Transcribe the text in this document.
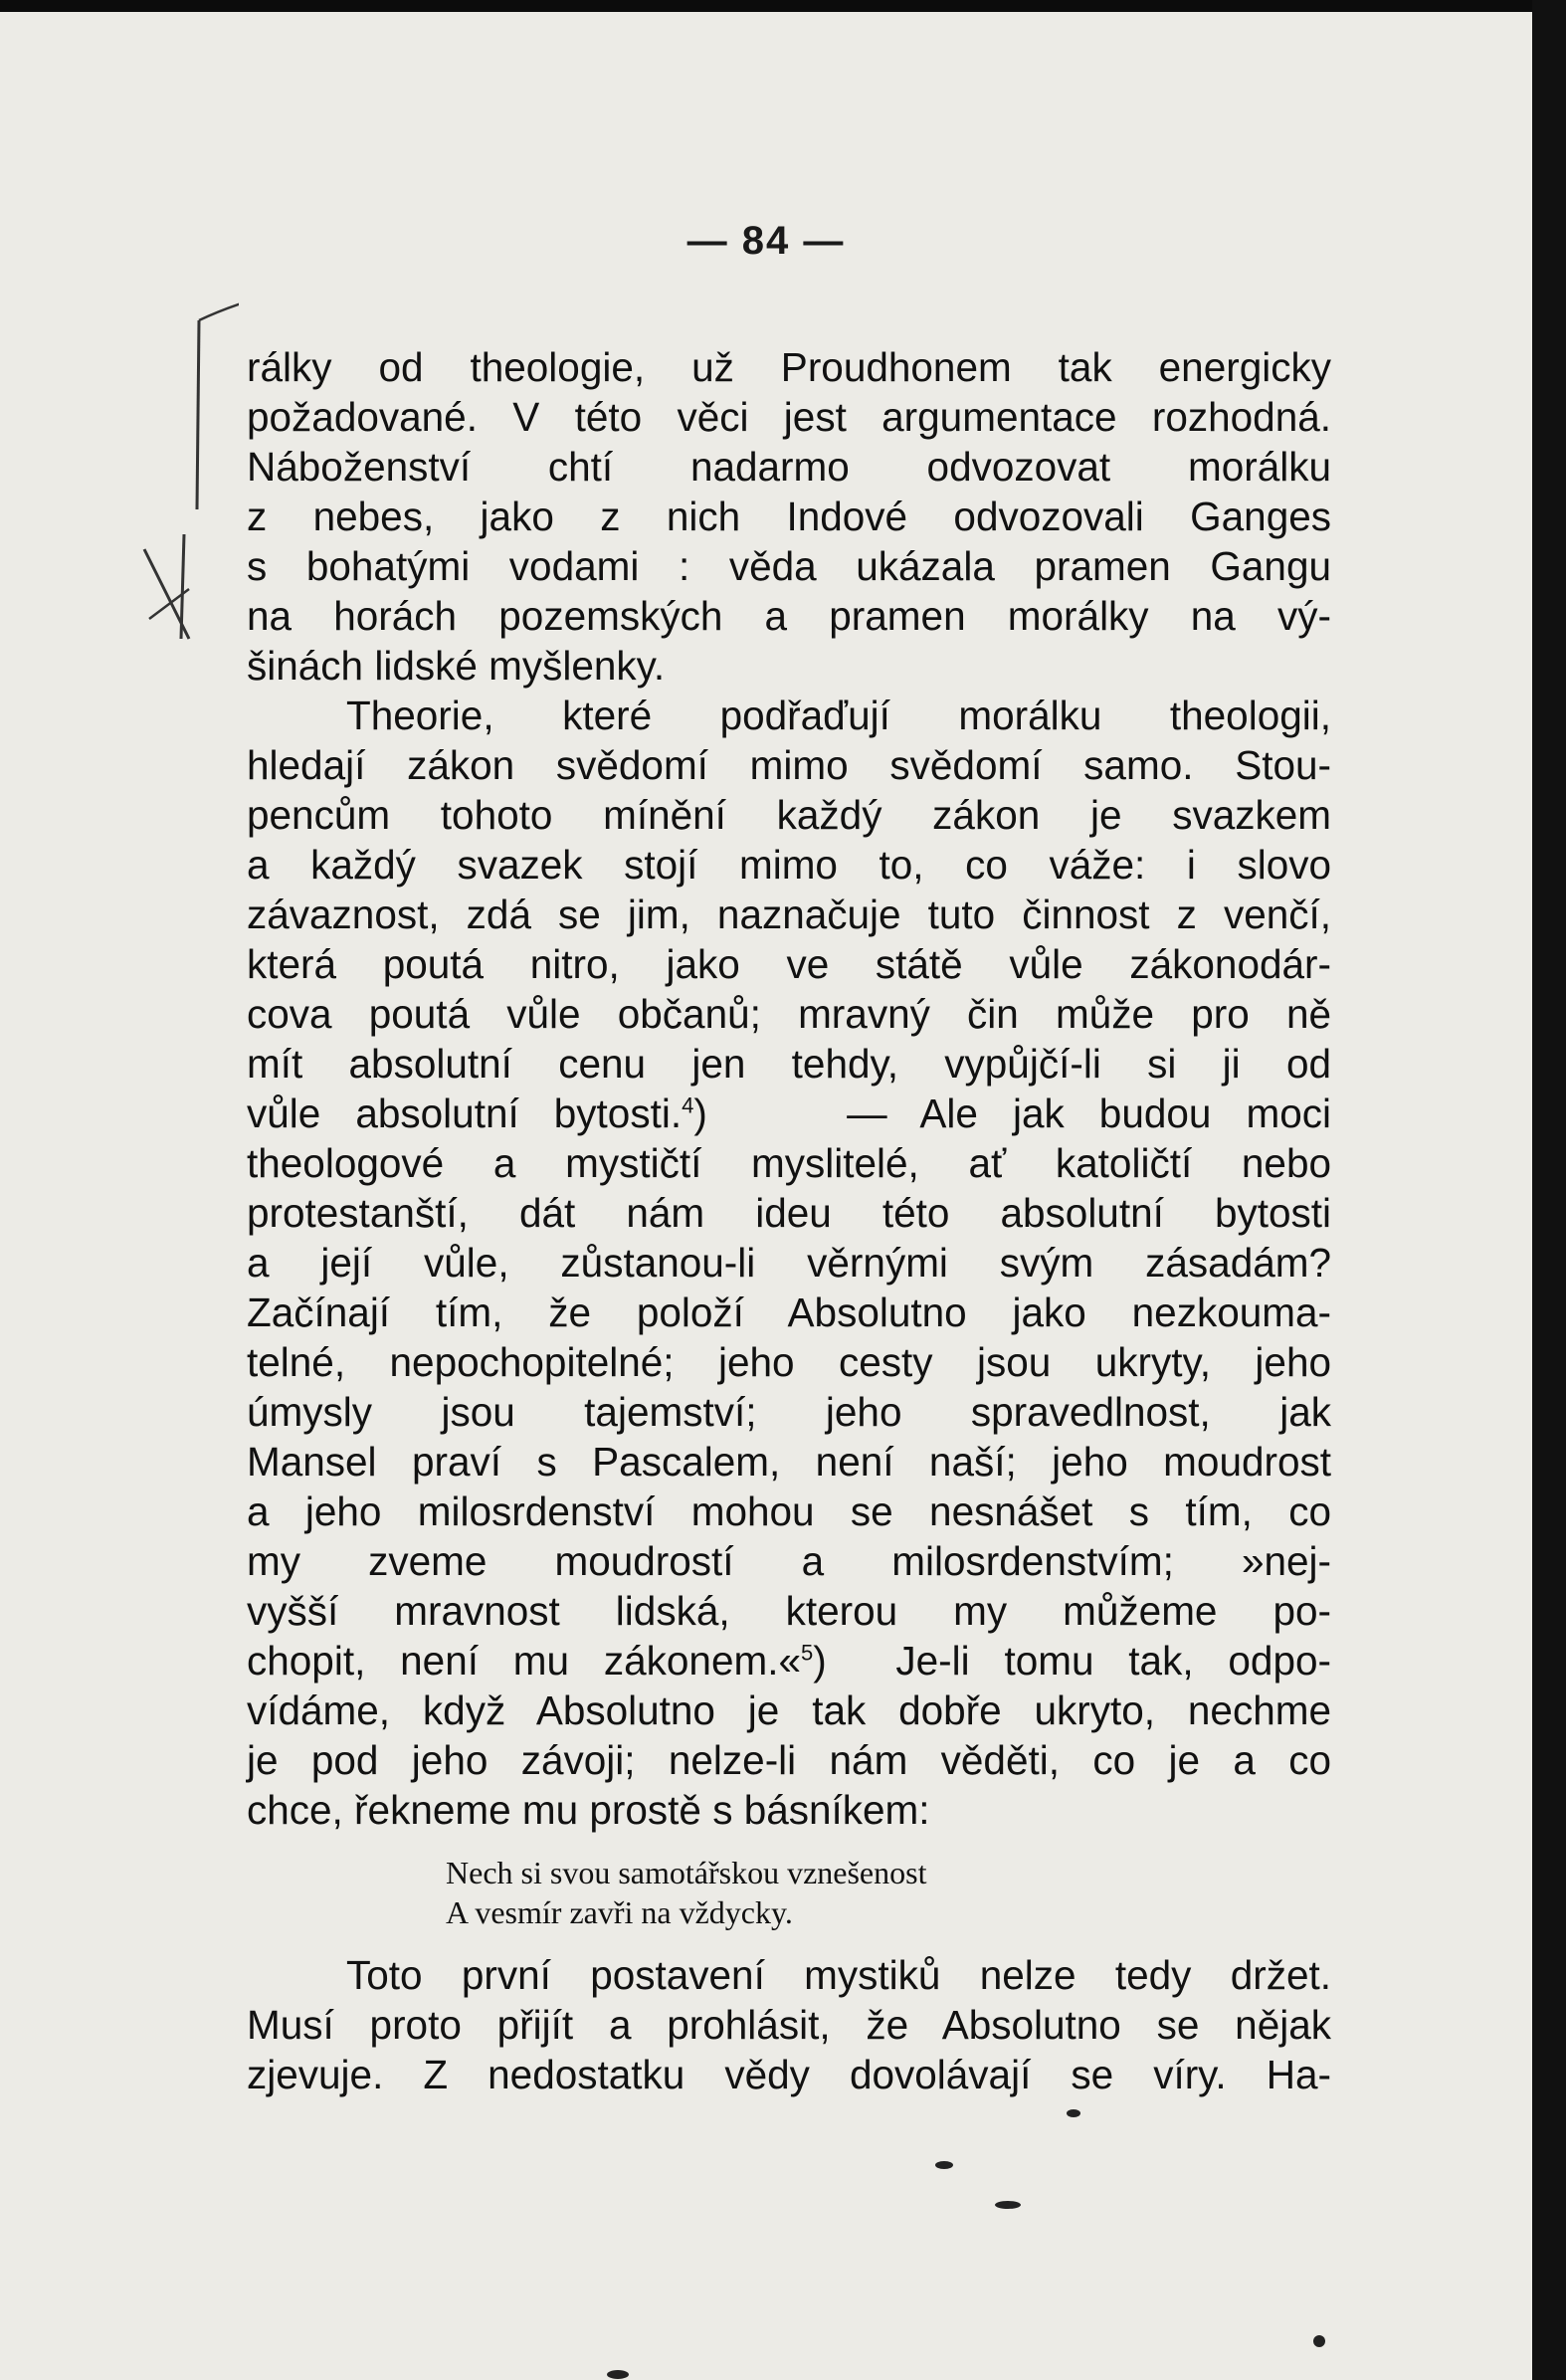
— 84 —
rálky od theologie, už Proudhonem tak energicky
požadované. V této věci jest argumentace rozhodná.
Náboženství chtí nadarmo odvozovat morálku
z nebes, jako z nich Indové odvozovali Ganges
s bohatými vodami : věda ukázala pramen Gangu
na horách pozemských a pramen morálky na vý-
šinách lidské myšlenky.
Theorie, které podřaďují morálku theologii,
hledají zákon svědomí mimo svědomí samo. Stou-
pencům tohoto mínění každý zákon je svazkem
a každý svazek stojí mimo to, co váže: i slovo
závaznost, zdá se jim, naznačuje tuto činnost z venčí,
která poutá nitro, jako ve státě vůle zákonodár-
cova poutá vůle občanů; mravný čin může pro ně
mít absolutní cenu jen tehdy, vypůjčí-li si ji od
vůle absolutní bytosti.$^4$)    — Ale jak budou moci
theologové a mystičtí myslitelé, ať katoličtí nebo
protestanští, dát nám ideu této absolutní bytosti
a její vůle, zůstanou-li věrnými svým zásadám?
Začínají tím, že položí Absolutno jako nezkouma-
telné, nepochopitelné; jeho cesty jsou ukryty, jeho
úmysly jsou tajemství; jeho spravedlnost, jak
Mansel praví s Pascalem, není naší; jeho moudrost
a jeho milosrdenství mohou se nesnášet s tím, co
my zveme moudrostí a milosrdenstvím; »nej-
vyšší mravnost lidská, kterou my můžeme po-
chopit, není mu zákonem.«$^5$)  Je-li tomu tak, odpo-
vídáme, když Absolutno je tak dobře ukryto, nechme
je pod jeho závoji; nelze-li nám věděti, co je a co
chce, řekneme mu prostě s básníkem:
Nech si svou samotářskou vznešenost
A vesmír zavři na vždycky.
Toto první postavení mystiků nelze tedy držet.
Musí proto přijít a prohlásit, že Absolutno se nějak
zjevuje. Z nedostatku vědy dovolávají se víry. Ha-
